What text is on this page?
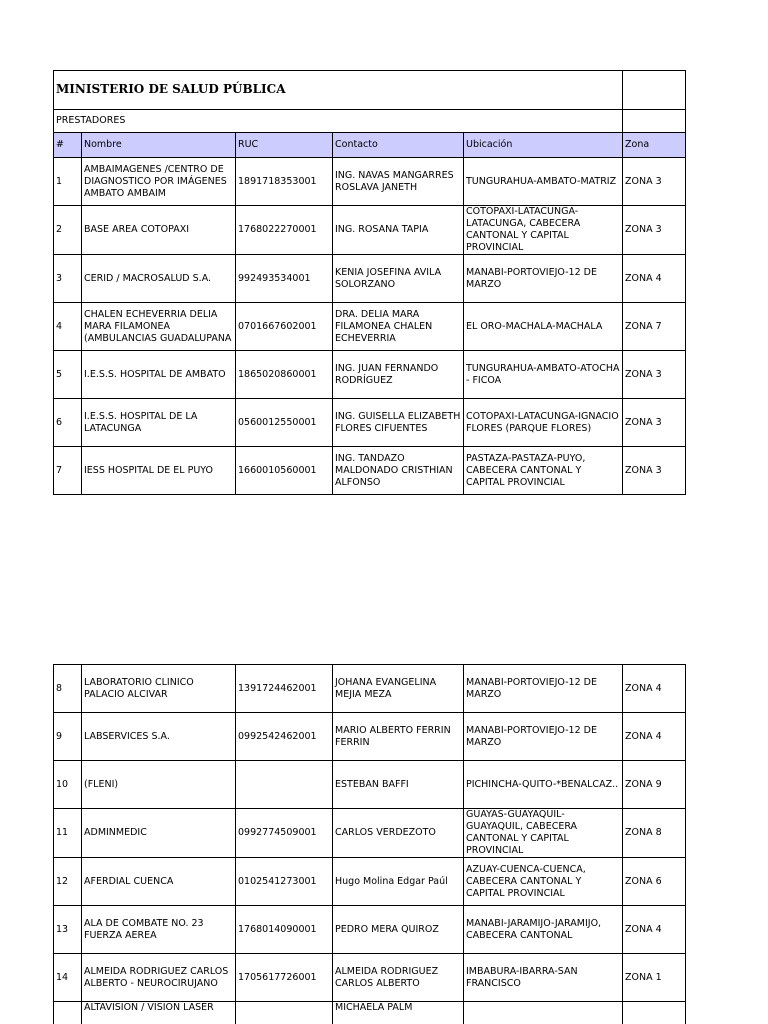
MINISTERIO DE SALUD PÚBLICA					
PRESTADORES					
#	Nombre	RUC	Contacto	Ubicación	Zona
1	AMBAIMAGENES /CENTRO DE DIAGNOSTICO POR IMÁGENES AMBATO AMBAIM	1891718353001	ING. NAVAS MANGARRES ROSLAVA JANETH	TUNGURAHUA-AMBATO-MATRIZ	ZONA 3
2	BASE AREA COTOPAXI	1768022270001	ING. ROSANA TAPIA	COTOPAXI-LATACUNGA-LATACUNGA, CABECERA CANTONAL Y CAPITAL PROVINCIAL	ZONA 3
3	CERID / MACROSALUD S.A.	992493534001	KENIA JOSEFINA AVILA SOLORZANO	MANABI-PORTOVIEJO-12 DE MARZO	ZONA 4
4	CHALEN ECHEVERRIA DELIA MARA FILAMONEA (AMBULANCIAS GUADALUPANA	0701667602001	DRA. DELIA MARA FILAMONEA CHALEN ECHEVERRIA	EL ORO-MACHALA-MACHALA	ZONA 7
5	I.E.S.S. HOSPITAL DE AMBATO	1865020860001	ING. JUAN FERNANDO RODRÍGUEZ	TUNGURAHUA-AMBATO-ATOCHA - FICOA	ZONA 3
6	I.E.S.S. HOSPITAL DE LA LATACUNGA	0560012550001	ING. GUISELLA ELIZABETH FLORES CIFUENTES	COTOPAXI-LATACUNGA-IGNACIO FLORES (PARQUE FLORES)	ZONA 3
7	IESS HOSPITAL DE EL PUYO	1660010560001	ING. TANDAZO MALDONADO CRISTHIAN ALFONSO	PASTAZA-PASTAZA-PUYO, CABECERA CANTONAL Y CAPITAL PROVINCIAL	ZONA 3
8	LABORATORIO CLINICO PALACIO ALCIVAR	1391724462001	JOHANA EVANGELINA MEJIA MEZA	MANABI-PORTOVIEJO-12 DE MARZO	ZONA 4
9	LABSERVICES S.A.	0992542462001	MARIO ALBERTO FERRIN FERRIN	MANABI-PORTOVIEJO-12 DE MARZO	ZONA 4
10	(FLENI)		ESTEBAN BAFFI	PICHINCHA-QUITO-*BENALCAZ..	ZONA 9
11	ADMINMEDIC	0992774509001	CARLOS VERDEZOTO	GUAYAS-GUAYAQUIL-GUAYAQUIL, CABECERA CANTONAL Y CAPITAL PROVINCIAL	ZONA 8
12	AFERDIAL CUENCA	0102541273001	Hugo Molina Edgar Paúl	AZUAY-CUENCA-CUENCA, CABECERA CANTONAL Y CAPITAL PROVINCIAL	ZONA 6
13	ALA DE COMBATE NO. 23 FUERZA AEREA	1768014090001	PEDRO MERA QUIROZ	MANABI-JARAMIJO-JARAMIJO, CABECERA CANTONAL	ZONA 4
14	ALMEIDA RODRIGUEZ CARLOS ALBERTO - NEUROCIRUJANO	1705617726001	ALMEIDA RODRIGUEZ CARLOS ALBERTO	IMBABURA-IBARRA-SAN FRANCISCO	ZONA 1
	ALTAVISION / VISION LASER		MICHAELA PALM		
